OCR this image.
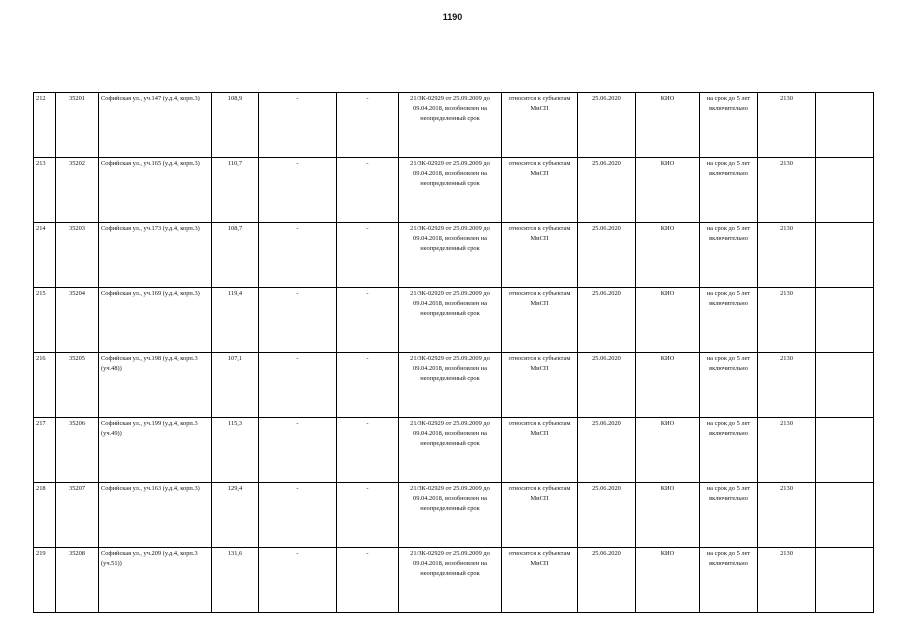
1190
212	35201	Софийская ул., уч.147 (у.д.4, корп.3)	108,9	-	-	21/ЗК-02929 от 25.09.2009 до 09.04.2018, возобновлен на неопределенный срок	относится к субъектам МиСП	25.06.2020	КИО	на срок до 5 лет включительно	2130	
213	35202	Софийская ул., уч.165 (у.д.4, корп.3)	110,7	-	-	21/ЗК-02929 от 25.09.2009 до 09.04.2018, возобновлен на неопределенный срок	относится к субъектам МиСП	25.06.2020	КИО	на срок до 5 лет включительно	2130	
214	35203	Софийская ул., уч.173 (у.д.4, корп.3)	108,7	-	-	21/ЗК-02929 от 25.09.2009 до 09.04.2018, возобновлен на неопределенный срок	относится к субъектам МиСП	25.06.2020	КИО	на срок до 5 лет включительно	2130	
215	35204	Софийская ул., уч.169 (у.д.4, корп.3)	119,4	-	-	21/ЗК-02929 от 25.09.2009 до 09.04.2018, возобновлен на неопределенный срок	относится к субъектам МиСП	25.06.2020	КИО	на срок до 5 лет включительно	2130	
216	35205	Софийская ул., уч.198 (у.д.4, корп.3 (уч.48))	107,1	-	-	21/ЗК-02929 от 25.09.2009 до 09.04.2018, возобновлен на неопределенный срок	относится к субъектам МиСП	25.06.2020	КИО	на срок до 5 лет включительно	2130	
217	35206	Софийская ул., уч.199 (у.д.4, корп.3 (уч.49))	115,3	-	-	21/ЗК-02929 от 25.09.2009 до 09.04.2018, возобновлен на неопределенный срок	относится к субъектам МиСП	25.06.2020	КИО	на срок до 5 лет включительно	2130	
218	35207	Софийская ул., уч.163 (у.д.4, корп.3)	129,4	-	-	21/ЗК-02929 от 25.09.2009 до 09.04.2018, возобновлен на неопределенный срок	относится к субъектам МиСП	25.06.2020	КИО	на срок до 5 лет включительно	2130	
219	35208	Софийская ул., уч.209 (у.д.4, корп.3 (уч.51))	131,6	-	-	21/ЗК-02929 от 25.09.2009 до 09.04.2018, возобновлен на неопределенный срок	относится к субъектам МиСП	25.06.2020	КИО	на срок до 5 лет включительно	2130	
